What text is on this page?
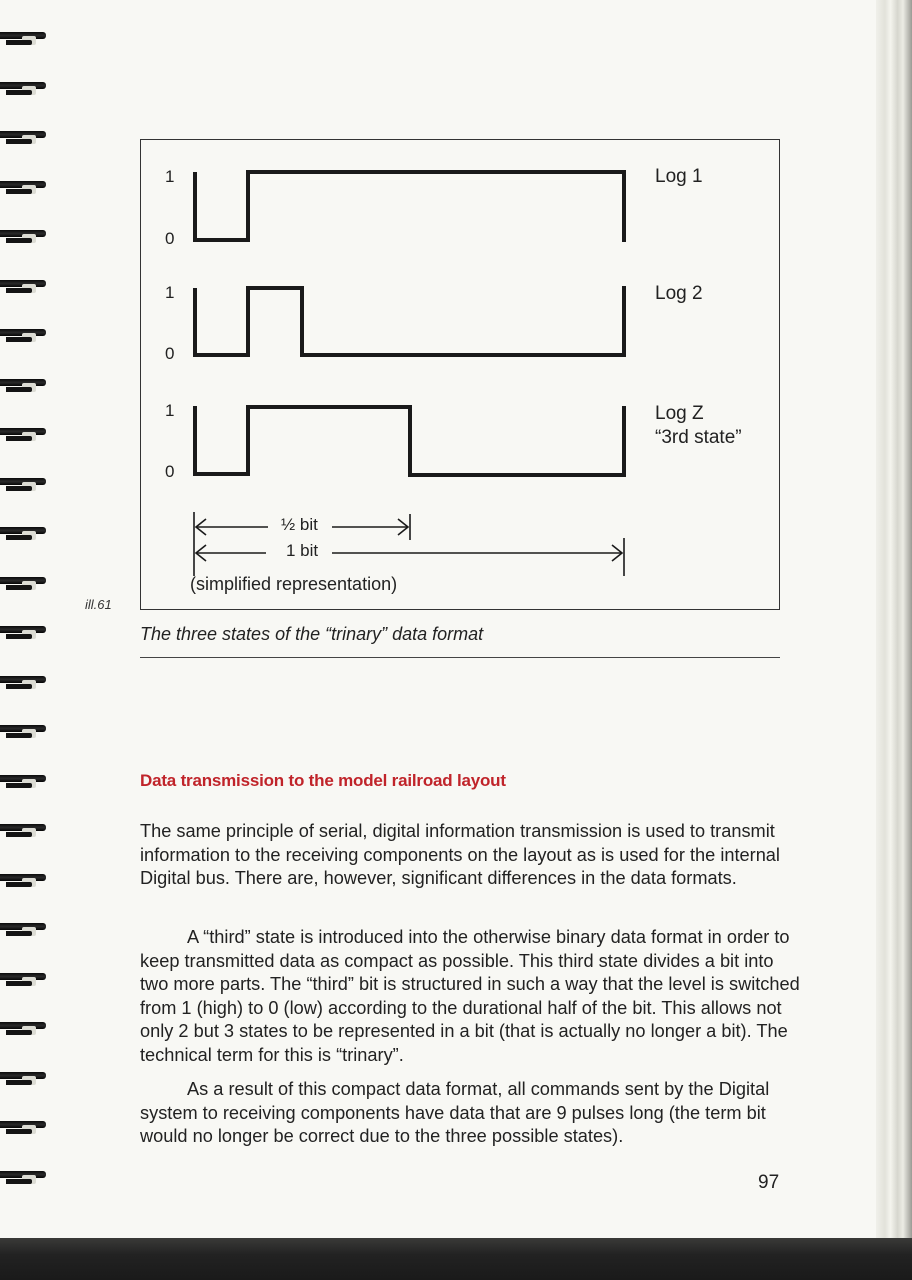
1
0
1
0
1
0
Log 1
Log 2
Log Z
“3rd state”
½ bit
1 bit
(simplified representation)
ill.61
The three states of the “trinary” data format
Data transmission to the model railroad layout

The same principle of serial, digital information transmission is used to transmit information to the receiving components on the layout as is used for the internal Digital bus. There are, however, significant differences in the data formats.

A “third” state is introduced into the otherwise binary data format in order to keep transmitted data as compact as possible. This third state divides a bit into two more parts. The “third” bit is structured in such a way that the level is switched from 1 (high) to 0 (low) according to the durational half of the bit. This allows not only 2 but 3 states to be represented in a bit (that is actually no longer a bit). The technical term for this is “trinary”.

As a result of this compact data format, all commands sent by the Digital system to receiving components have data that are 9 pulses long (the term bit would no longer be correct due to the three possible states).

97
